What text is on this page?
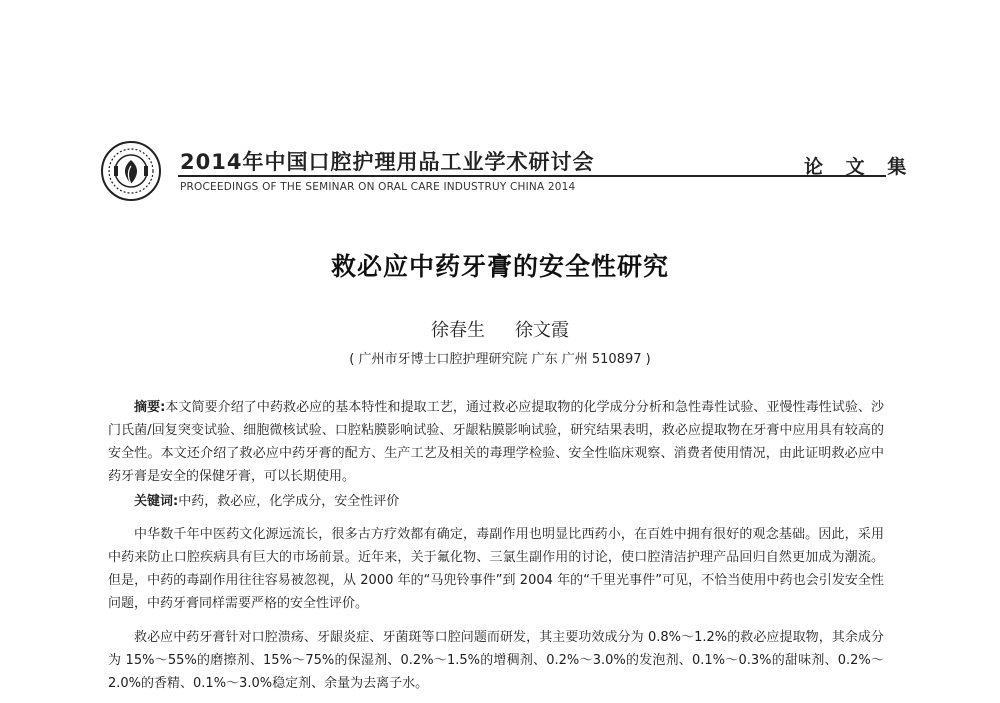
2014年中国口腔护理用品工业学术研讨会
PROCEEDINGS OF THE SEMINAR ON ORAL CARE INDUSTRUY CHINA 2014
论 文 集
救必应中药牙膏的安全性研究
徐春生 徐文霞
( 广州市牙博士口腔护理研究院 广东 广州 510897 )

摘要:本文简要介绍了中药救必应的基本特性和提取工艺，通过救必应提取物的化学成分分析和急性毒性试验、亚慢性毒性试验、沙门氏菌/回复突变试验、细胞微核试验、口腔粘膜影响试验、牙龈粘膜影响试验，研究结果表明，救必应提取物在牙膏中应用具有较高的安全性。本文还介绍了救必应中药牙膏的配方、生产工艺及相关的毒理学检验、安全性临床观察、消费者使用情况，由此证明救必应中药牙膏是安全的保健牙膏，可以长期使用。

关键词:中药，救必应，化学成分，安全性评价

中华数千年中医药文化源远流长，很多古方疗效都有确定，毒副作用也明显比西药小，在百姓中拥有很好的观念基础。因此，采用中药来防止口腔疾病具有巨大的市场前景。近年来，关于氟化物、三氯生副作用的讨论，使口腔清洁护理产品回归自然更加成为潮流。但是，中药的毒副作用往往容易被忽视，从 2000 年的“马兜铃事件”到 2004 年的“千里光事件”可见，不恰当使用中药也会引发安全性问题，中药牙膏同样需要严格的安全性评价。

救必应中药牙膏针对口腔溃疡、牙龈炎症、牙菌斑等口腔问题而研发，其主要功效成分为 0.8%～1.2%的救必应提取物，其余成分为 15%～55%的磨擦剂、15%～75%的保湿剂、0.2%～1.5%的增稠剂、0.2%～3.0%的发泡剂、0.1%～0.3%的甜味剂、0.2%～2.0%的香精、0.1%～3.0%稳定剂、余量为去离子水。
